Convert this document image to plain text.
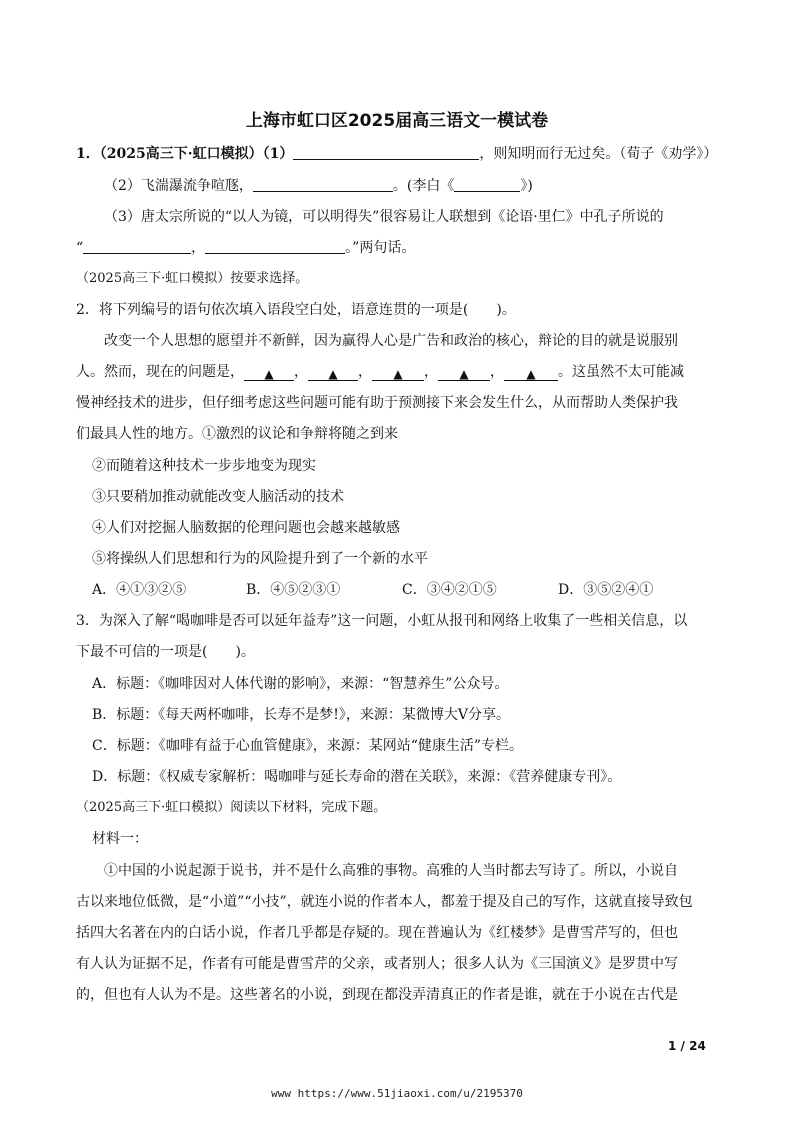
上海市虹口区2025届高三语文一模试卷
1．（2025高三下·虹口模拟）（1）	，则知明而行无过矣。（荀子《劝学》）
（2）飞湍瀑流争喧豗，	。(李白《	》)
（3）唐太宗所说的“以人为镜，可以明得失”很容易让人联想到《论语·里仁》中孔子所说的
“	，	。”两句话。
（2025高三下·虹口模拟）按要求选择。
2．将下列编号的语句依次填入语段空白处，语意连贯的一项是(　　)。
改变一个人思想的愿望并不新鲜，因为赢得人心是广告和政治的核心，辩论的目的就是说服别
人。然而，现在的问题是， ▲ ， ▲ ， ▲ ， ▲ ， ▲ 。这虽然不太可能减
慢神经技术的进步，但仔细考虑这些问题可能有助于预测接下来会发生什么，从而帮助人类保护我
们最具人性的地方。①激烈的议论和争辩将随之到来
②而随着这种技术一步步地变为现实
③只要稍加推动就能改变人脑活动的技术
④人们对挖掘人脑数据的伦理问题也会越来越敏感
⑤将操纵人们思想和行为的风险提升到了一个新的水平
A．④①③②⑤	B．④⑤②③①	C．③④②①⑤	D．③⑤②④①
3．为深入了解“喝咖啡是否可以延年益寿”这一问题，小虹从报刊和网络上收集了一些相关信息，以
下最不可信的一项是(　　)。
A．标题：《咖啡因对人体代谢的影响》，来源：“智慧养生”公众号。
B．标题：《每天两杯咖啡，长寿不是梦!》，来源：某微博大V分享。
C．标题：《咖啡有益于心血管健康》，来源：某网站“健康生活”专栏。
D．标题：《权威专家解析：喝咖啡与延长寿命的潜在关联》，来源：《营养健康专刊》。
（2025高三下·虹口模拟）阅读以下材料，完成下题。
材料一：
①中国的小说起源于说书，并不是什么高雅的事物。高雅的人当时都去写诗了。所以，小说自
古以来地位低微，是“小道”“小技”，就连小说的作者本人，都羞于提及自己的写作，这就直接导致包
括四大名著在内的白话小说，作者几乎都是存疑的。现在普遍认为《红楼梦》是曹雪芹写的，但也
有人认为证据不足，作者有可能是曹雪芹的父亲，或者别人；很多人认为《三国演义》是罗贯中写
的，但也有人认为不是。这些著名的小说，到现在都没弄清真正的作者是谁，就在于小说在古代是
1 / 24
www https://www.51jiaoxi.com/u/2195370
